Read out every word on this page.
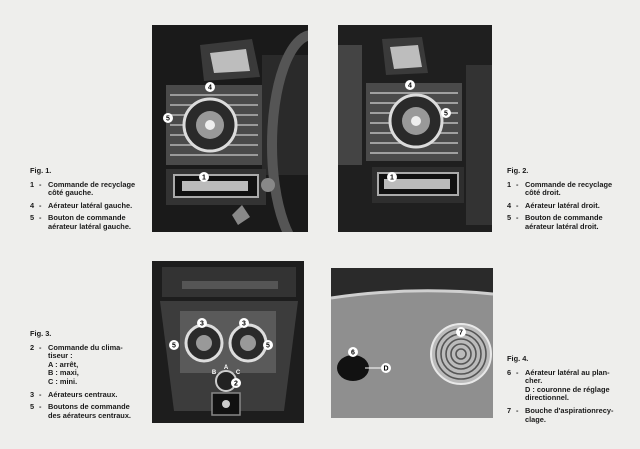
4
5
1
4
5
1
3	3
5	5
A
B	C
2
6
D
7
Fig. 1.
1 - Commande de recyclage
côté gauche.
4 - Aérateur latéral gauche.
5 - Bouton de commande
aérateur latéral gauche.
Fig. 2.
1 - Commande de recyclage
côté droit.
4 - Aérateur latéral droit.
5 - Bouton de commande
aérateur latéral droit.
Fig. 3.
2 - Commande du clima-
tiseur :
A : arrêt,
B : maxi,
C : mini.
3 - Aérateurs centraux.
5 - Boutons de commande
des aérateurs centraux.
Fig. 4.
6 - Aérateur latéral au plan-
cher.
D : couronne de réglage
directionnel.
7 - Bouche d'aspirationrecy-
clage.
